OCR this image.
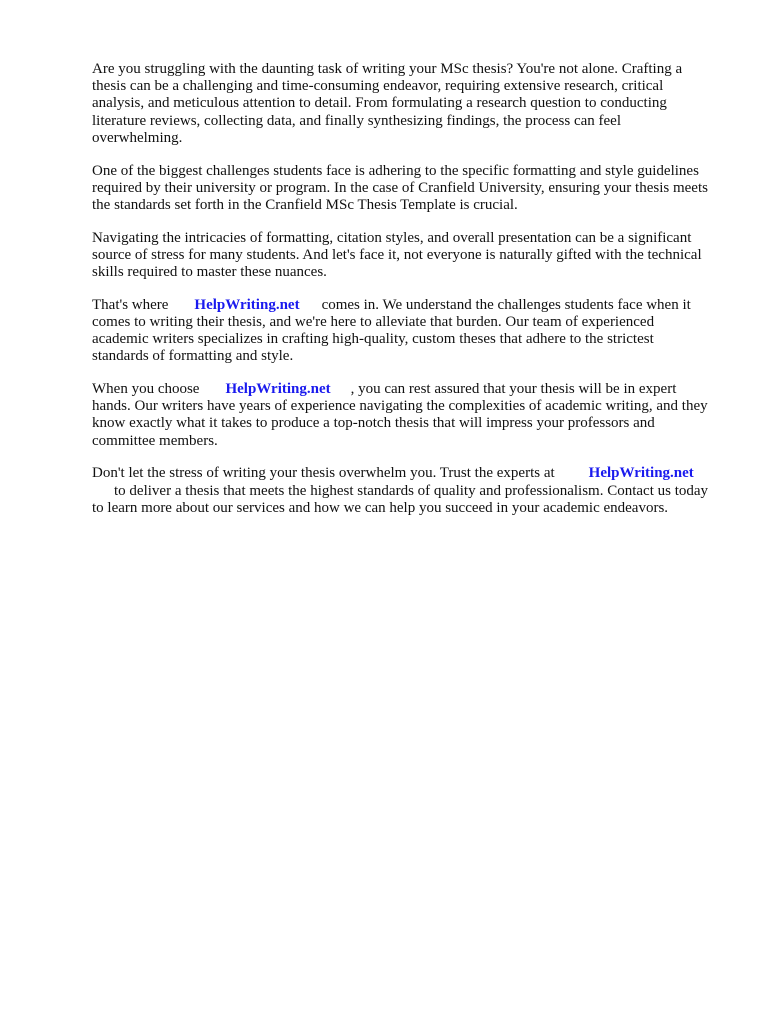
Are you struggling with the daunting task of writing your MSc thesis? You're not alone. Crafting a thesis can be a challenging and time-consuming endeavor, requiring extensive research, critical analysis, and meticulous attention to detail. From formulating a research question to conducting literature reviews, collecting data, and finally synthesizing findings, the process can feel overwhelming.

One of the biggest challenges students face is adhering to the specific formatting and style guidelines required by their university or program. In the case of Cranfield University, ensuring your thesis meets the standards set forth in the Cranfield MSc Thesis Template is crucial.

Navigating the intricacies of formatting, citation styles, and overall presentation can be a significant source of stress for many students. And let's face it, not everyone is naturally gifted with the technical skills required to master these nuances.

That's where HelpWriting.net comes in. We understand the challenges students face when it comes to writing their thesis, and we're here to alleviate that burden. Our team of experienced academic writers specializes in crafting high-quality, custom theses that adhere to the strictest standards of formatting and style.

When you choose HelpWriting.net , you can rest assured that your thesis will be in expert hands. Our writers have years of experience navigating the complexities of academic writing, and they know exactly what it takes to produce a top-notch thesis that will impress your professors and committee members.

Don't let the stress of writing your thesis overwhelm you. Trust the experts at HelpWriting.net
to deliver a thesis that meets the highest standards of quality and professionalism. Contact us today to learn more about our services and how we can help you succeed in your academic endeavors.
